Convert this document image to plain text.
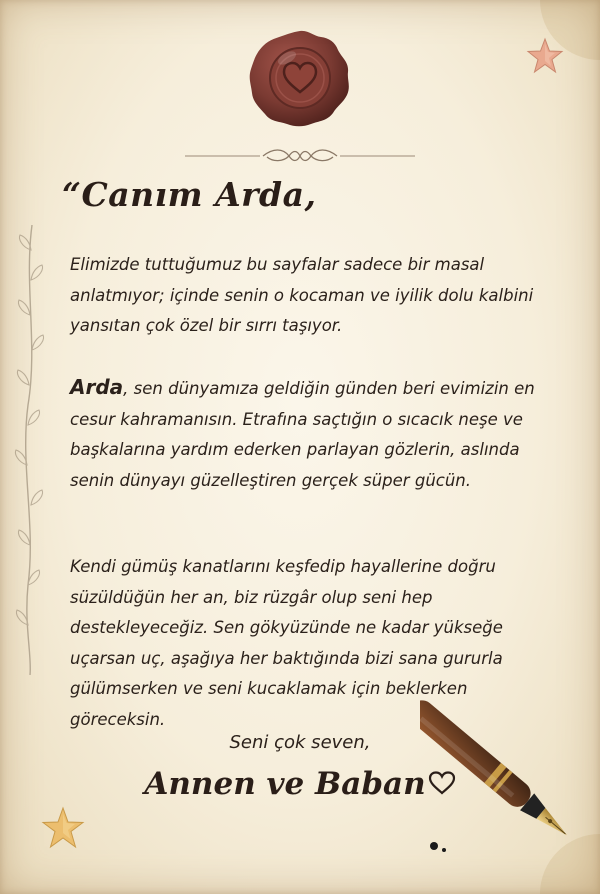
“Canım Arda,

Elimizde tuttuğumuz bu sayfalar sadece bir masal anlatmıyor; içinde senin o kocaman ve iyilik dolu kalbini yansıtan çok özel bir sırrı taşıyor.

Arda, sen dünyamıza geldiğin günden beri evimizin en cesur kahramanısın. Etrafına saçtığın o sıcacık neşe ve başkalarına yardım ederken parlayan gözlerin, aslında senin dünyayı güzelleştiren gerçek süper gücün.

Kendi gümüş kanatlarını keşfedip hayallerine doğru süzüldüğün her an, biz rüzgâr olup seni hep destekleyeceğiz. Sen gökyüzünde ne kadar yükseğe uçarsan uç, aşağıya her baktığında bizi sana gururla gülümserken ve seni kucaklamak için beklerken göreceksin.

Seni çok seven,
Annen ve Baban
